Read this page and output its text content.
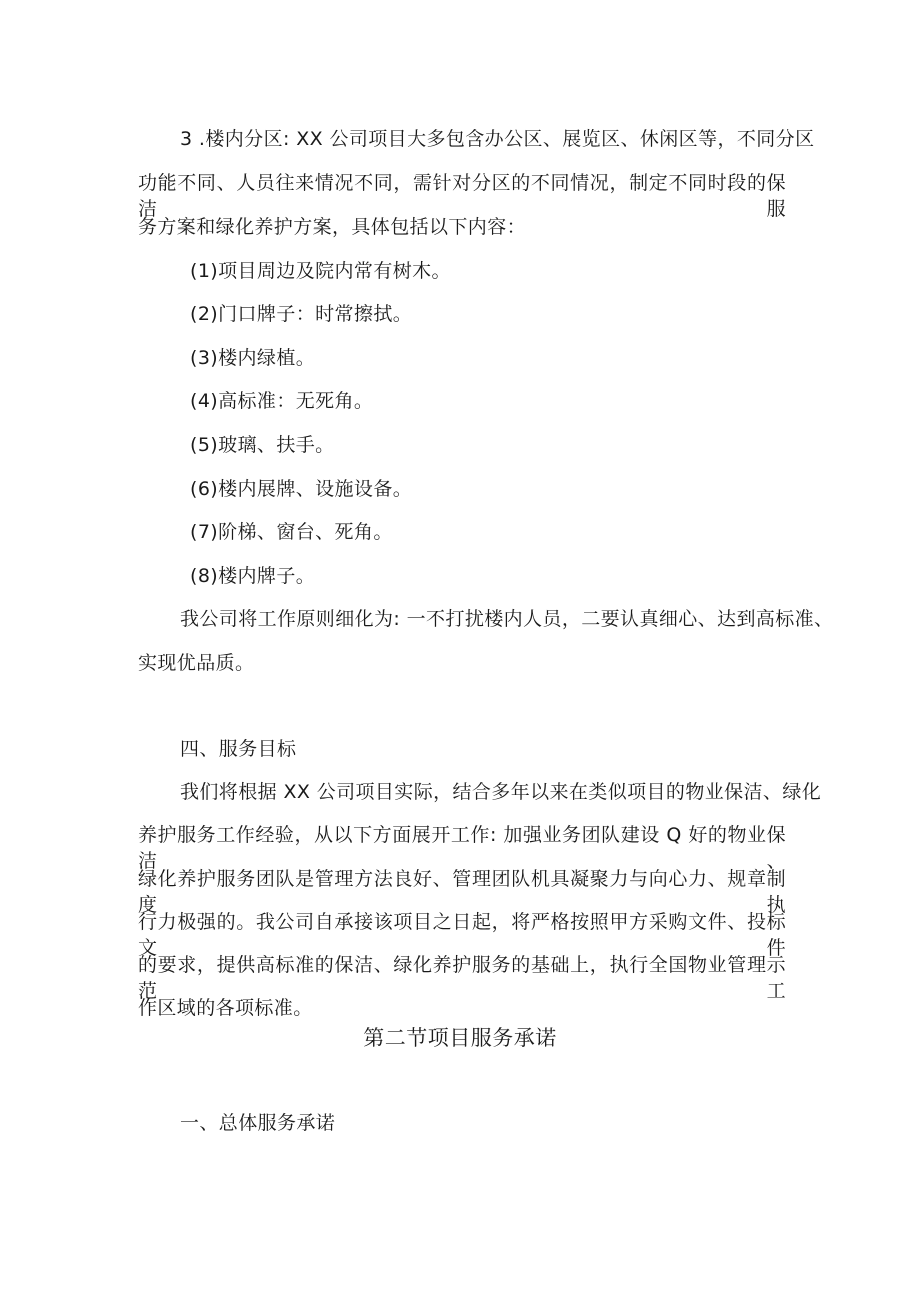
3 .楼内分区: XX 公司项目大多包含办公区、展览区、休闲区等，不同分区
功能不同、人员往来情况不同，需针对分区的不同情况，制定不同时段的保洁服
务方案和绿化养护方案，具体包括以下内容：
(1)项目周边及院内常有树木。
(2)门口牌子：时常擦拭。
(3)楼内绿植。
(4)高标准：无死角。
(5)玻璃、扶手。
(6)楼内展牌、设施设备。
(7)阶梯、窗台、死角。
(8)楼内牌子。
我公司将工作原则细化为: 一不打扰楼内人员，二要认真细心、达到高标准、
实现优品质。
四、服务目标
我们将根据 XX 公司项目实际，结合多年以来在类似项目的物业保洁、绿化
养护服务工作经验，从以下方面展开工作: 加强业务团队建设 Q 好的物业保洁、
绿化养护服务团队是管理方法良好、管理团队机具凝聚力与向心力、规章制度执
行力极强的。我公司自承接该项目之日起，将严格按照甲方采购文件、投标文件
的要求，提供高标准的保洁、绿化养护服务的基础上，执行全国物业管理示范工
作区域的各项标准。
第二节项目服务承诺
一、总体服务承诺
